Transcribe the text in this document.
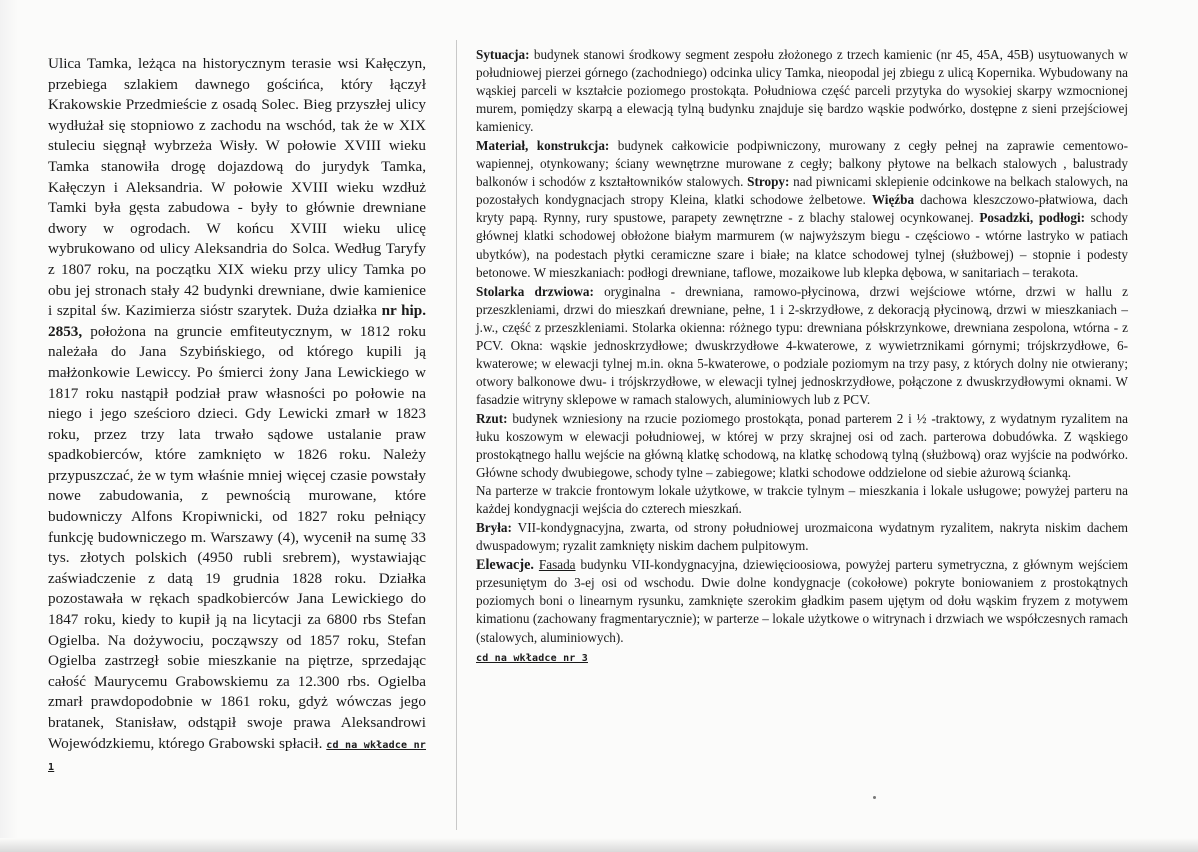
Ulica Tamka, leżąca na historycznym terasie wsi Kałęczyn, przebiega szlakiem dawnego gościńca, który łączył Krakowskie Przedmieście z osadą Solec. Bieg przyszłej ulicy wydłużał się stopniowo z zachodu na wschód, tak że w XIX stuleciu sięgnął wybrzeża Wisły. W połowie XVIII wieku Tamka stanowiła drogę dojazdową do jurydyk Tamka, Kałęczyn i Aleksandria. W połowie XVIII wieku wzdłuż Tamki była gęsta zabudowa - były to głównie drewniane dwory w ogrodach. W końcu XVIII wieku ulicę wybrukowano od ulicy Aleksandria do Solca. Według Taryfy z 1807 roku, na początku XIX wieku przy ulicy Tamka po obu jej stronach stały 42 budynki drewniane, dwie kamienice i szpital św. Kazimierza sióstr szarytek. Duża działka nr hip. 2853, położona na gruncie emfiteutycznym, w 1812 roku należała do Jana Szybińskiego, od którego kupili ją małżonkowie Lewiccy. Po śmierci żony Jana Lewickiego w 1817 roku nastąpił podział praw własności po połowie na niego i jego sześcioro dzieci. Gdy Lewicki zmarł w 1823 roku, przez trzy lata trwało sądowe ustalanie praw spadkobierców, które zamknięto w 1826 roku. Należy przypuszczać, że w tym właśnie mniej więcej czasie powstały nowe zabudowania, z pewnością murowane, które budowniczy Alfons Kropiwnicki, od 1827 roku pełniący funkcję budowniczego m. Warszawy (4), wycenił na sumę 33 tys. złotych polskich (4950 rubli srebrem), wystawiając zaświadczenie z datą 19 grudnia 1828 roku. Działka pozostawała w rękach spadkobierców Jana Lewickiego do 1847 roku, kiedy to kupił ją na licytacji za 6800 rbs Stefan Ogielba. Na dożywociu, począwszy od 1857 roku, Stefan Ogielba zastrzegł sobie mieszkanie na piętrze, sprzedając całość Maurycemu Grabowskiemu za 12.300 rbs. Ogielba zmarł prawdopodobnie w 1861 roku, gdyż wówczas jego bratanek, Stanisław, odstąpił swoje prawa Aleksandrowi Wojewódzkiemu, którego Grabowski spłacił. cd na wkładce nr 1

Sytuacja: budynek stanowi środkowy segment zespołu złożonego z trzech kamienic (nr 45, 45A, 45B) usytuowanych w południowej pierzei górnego (zachodniego) odcinka ulicy Tamka, nieopodal jej zbiegu z ulicą Kopernika. Wybudowany na wąskiej parceli w kształcie poziomego prostokąta. Południowa część parceli przytyka do wysokiej skarpy wzmocnionej murem, pomiędzy skarpą a elewacją tylną budynku znajduje się bardzo wąskie podwórko, dostępne z sieni przejściowej kamienicy.

Materiał, konstrukcja: budynek całkowicie podpiwniczony, murowany z cegły pełnej na zaprawie cementowo-wapiennej, otynkowany; ściany wewnętrzne murowane z cegły; balkony płytowe na belkach stalowych , balustrady balkonów i schodów z kształtowników stalowych. Stropy: nad piwnicami sklepienie odcinkowe na belkach stalowych, na pozostałych kondygnacjach stropy Kleina, klatki schodowe żelbetowe. Więźba dachowa kleszczowo-płatwiowa, dach kryty papą. Rynny, rury spustowe, parapety zewnętrzne - z blachy stalowej ocynkowanej. Posadzki, podłogi: schody głównej klatki schodowej obłożone białym marmurem (w najwyższym biegu - częściowo - wtórne lastryko w patiach ubytków), na podestach płytki ceramiczne szare i białe; na klatce schodowej tylnej (służbowej) – stopnie i podesty betonowe. W mieszkaniach: podłogi drewniane, taflowe, mozaikowe lub klepka dębowa, w sanitariach – terakota.

Stolarka drzwiowa: oryginalna - drewniana, ramowo-płycinowa, drzwi wejściowe wtórne, drzwi w hallu z przeszkleniami, drzwi do mieszkań drewniane, pełne, 1 i 2-skrzydłowe, z dekoracją płycinową, drzwi w mieszkaniach – j.w., część z przeszkleniami. Stolarka okienna: różnego typu: drewniana półskrzynkowe, drewniana zespolona, wtórna - z PCV. Okna: wąskie jednoskrzydłowe; dwuskrzydłowe 4-kwaterowe, z wywietrznikami górnymi; trójskrzydłowe, 6-kwaterowe; w elewacji tylnej m.in. okna 5-kwaterowe, o podziale poziomym na trzy pasy, z których dolny nie otwierany; otwory balkonowe dwu- i trójskrzydłowe, w elewacji tylnej jednoskrzydłowe, połączone z dwuskrzydłowymi oknami. W fasadzie witryny sklepowe w ramach stalowych, aluminiowych lub z PCV.

Rzut: budynek wzniesiony na rzucie poziomego prostokąta, ponad parterem 2 i ½ -traktowy, z wydatnym ryzalitem na łuku koszowym w elewacji południowej, w której w przy skrajnej osi od zach. parterowa dobudówka. Z wąskiego prostokątnego hallu wejście na główną klatkę schodową, na klatkę schodową tylną (służbową) oraz wyjście na podwórko. Główne schody dwubiegowe, schody tylne – zabiegowe; klatki schodowe oddzielone od siebie ażurową ścianką.

Na parterze w trakcie frontowym lokale użytkowe, w trakcie tylnym – mieszkania i lokale usługowe; powyżej parteru na każdej kondygnacji wejścia do czterech mieszkań.

Bryła: VII-kondygnacyjna, zwarta, od strony południowej urozmaicona wydatnym ryzalitem, nakryta niskim dachem dwuspadowym; ryzalit zamknięty niskim dachem pulpitowym.

Elewacje. Fasada budynku VII-kondygnacyjna, dziewięcioosiowa, powyżej parteru symetryczna, z głównym wejściem przesuniętym do 3-ej osi od wschodu. Dwie dolne kondygnacje (cokołowe) pokryte boniowaniem z prostokątnych poziomych boni o linearnym rysunku, zamknięte szerokim gładkim pasem ujętym od dołu wąskim fryzem z motywem kimationu (zachowany fragmentarycznie); w parterze – lokale użytkowe o witrynach i drzwiach we współczesnych ramach (stalowych, aluminiowych).

cd na wkładce nr 3
